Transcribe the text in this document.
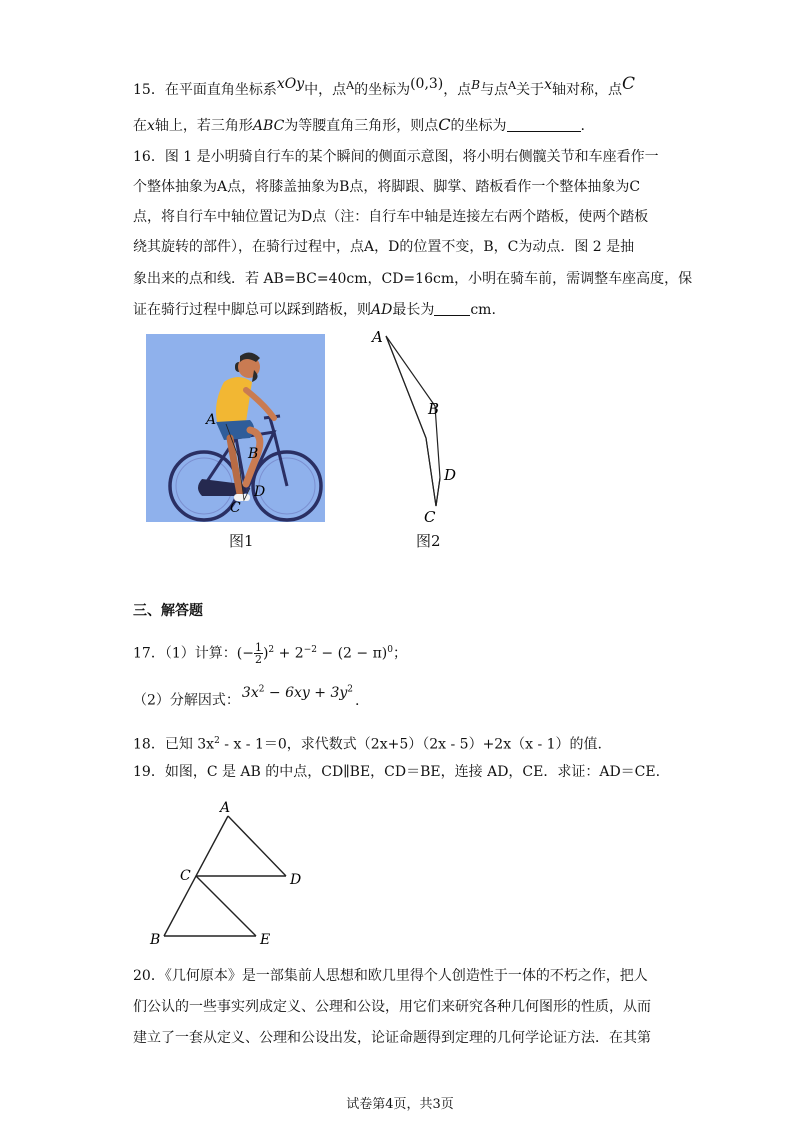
15．在平面直角坐标系xOy中，点$^A$的坐标为(0,3)，点B与点$^A$关于x轴对称，点C
在x轴上，若三角形ABC为等腰直角三角形，则点C的坐标为	.
16．图 1 是小明骑自行车的某个瞬间的侧面示意图，将小明右侧髋关节和车座看作一
个整体抽象为A点，将膝盖抽象为B点，将脚跟、脚掌、踏板看作一个整体抽象为C
点，将自行车中轴位置记为D点（注：自行车中轴是连接左右两个踏板，使两个踏板
绕其旋转的部件），在骑行过程中，点A，D的位置不变，B，C为动点．图 2 是抽
象出来的点和线．若 AB=BC=40cm，CD=16cm，小明在骑车前，需调整车座高度，保
证在骑行过程中脚总可以踩到踏板，则AD最长为	cm.
A
B
C
D
A
B
D
C
图1	图2
三、解答题
17．（1）计算：(− $\frac{1}{2} )^2 + 2^{-2} - (2 - \pi)^0$；
（2）分解因式： $3x^2 - 6xy + 3y^2$.
18．已知 $3x^2 - x - 1=0$，求代数式（2x+5）（2x - 5）+2x（x - 1）的值.
19．如图，C 是 AB 的中点，CD∥BE，CD＝BE，连接 AD，CE．求证：AD＝CE.
A
C	D
B	E
20．《几何原本》是一部集前人思想和欧几里得个人创造性于一体的不朽之作，把人
们公认的一些事实列成定义、公理和公设，用它们来研究各种几何图形的性质，从而
建立了一套从定义、公理和公设出发，论证命题得到定理的几何学论证方法．在其第
试卷第4页，共3页
